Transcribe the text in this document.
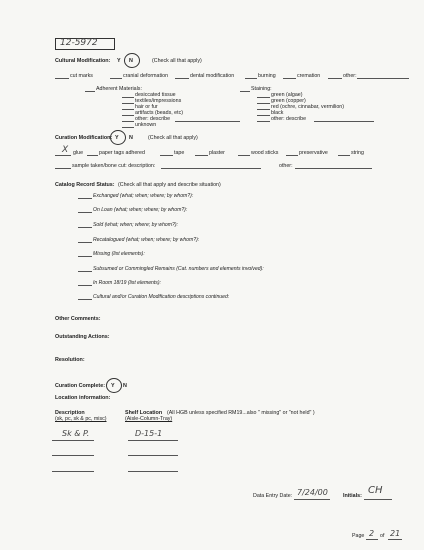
12-5972
Cultural Modification: Y N	(Check all that apply)
cut marks	cranial deformation	dental modification	burning	cremation	other:
Adherent Materials:
desiccated tissue
textiles/impressions
hair or fur
artifacts (beads, etc)
other: describe
unknown
Staining:
green (algae)
green (copper)
red (ochre, cinnabar, vermilion)
black
other: describe
Curation Modification: Y N	(Check all that apply)
X glue	paper tags adhered	tape	plaster	wood sticks	preservative	string
sample taken/bone cut: description:	other:
Catalog Record Status: (Check all that apply and describe situation)
Exchanged (what; when; where; by whom?):
On Loan (what; when; where; by whom?):
Sold (what; when; where; by whom?):
Recatalogued (what; when; where; by whom?):
Missing (list elements):
Subsumed or Commingled Remains (Cat. numbers and elements involved):
In Room 18/19 (list elements):
Cultural and/or Curation Modification descriptions continued:
Other Comments:
Outstanding Actions:
Resolution:
Curation Complete: Y N
Location information:
Description
(sk, pc, sk & pc, misc)
Shelf Location (All HGB unless specified RM19...also " missing" or "not held" )
(Aisle-Column-Tray)
Sk & P.	D-15-1
Data Entry Date: 7/24/00	Initials: CH
Page 2 of 21
